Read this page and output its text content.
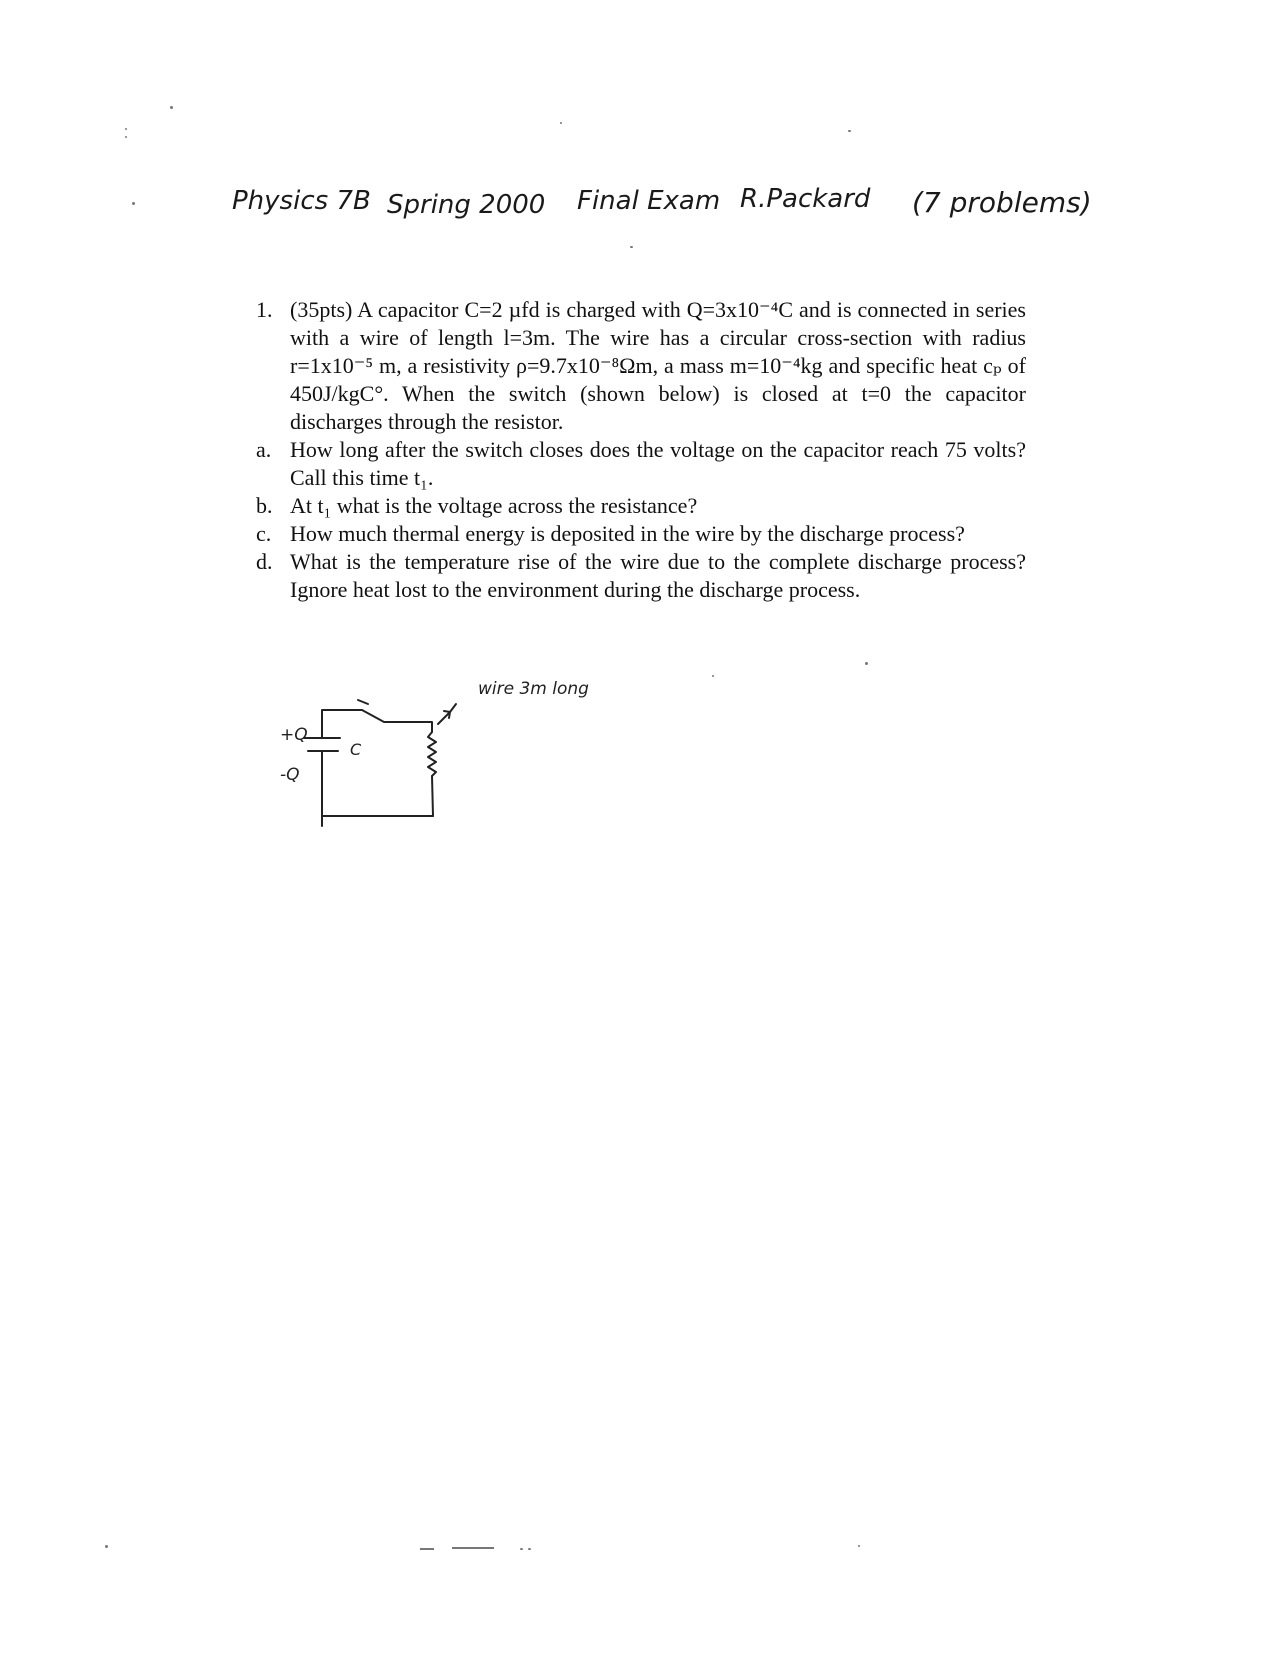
Physics 7B Spring 2000 Final Exam R.Packard (7 problems)
1. (35pts) A capacitor C=2 µfd is charged with Q=3x10⁻⁴C and is connected in series with a wire of length l=3m. The wire has a circular cross-section with radius r=1x10⁻⁵ m, a resistivity ρ=9.7x10⁻⁸Ωm, a mass m=10⁻⁴kg and specific heat cₚ of 450J/kgC°. When the switch (shown below) is closed at t=0 the capacitor discharges through the resistor.

a. How long after the switch closes does the voltage on the capacitor reach 75 volts? Call this time t₁.

b. At t₁ what is the voltage across the resistance?

c. How much thermal energy is deposited in the wire by the discharge process?

d. What is the temperature rise of the wire due to the complete discharge process? Ignore heat lost to the environment during the discharge process.

+Q
-Q
C
wire 3m long
